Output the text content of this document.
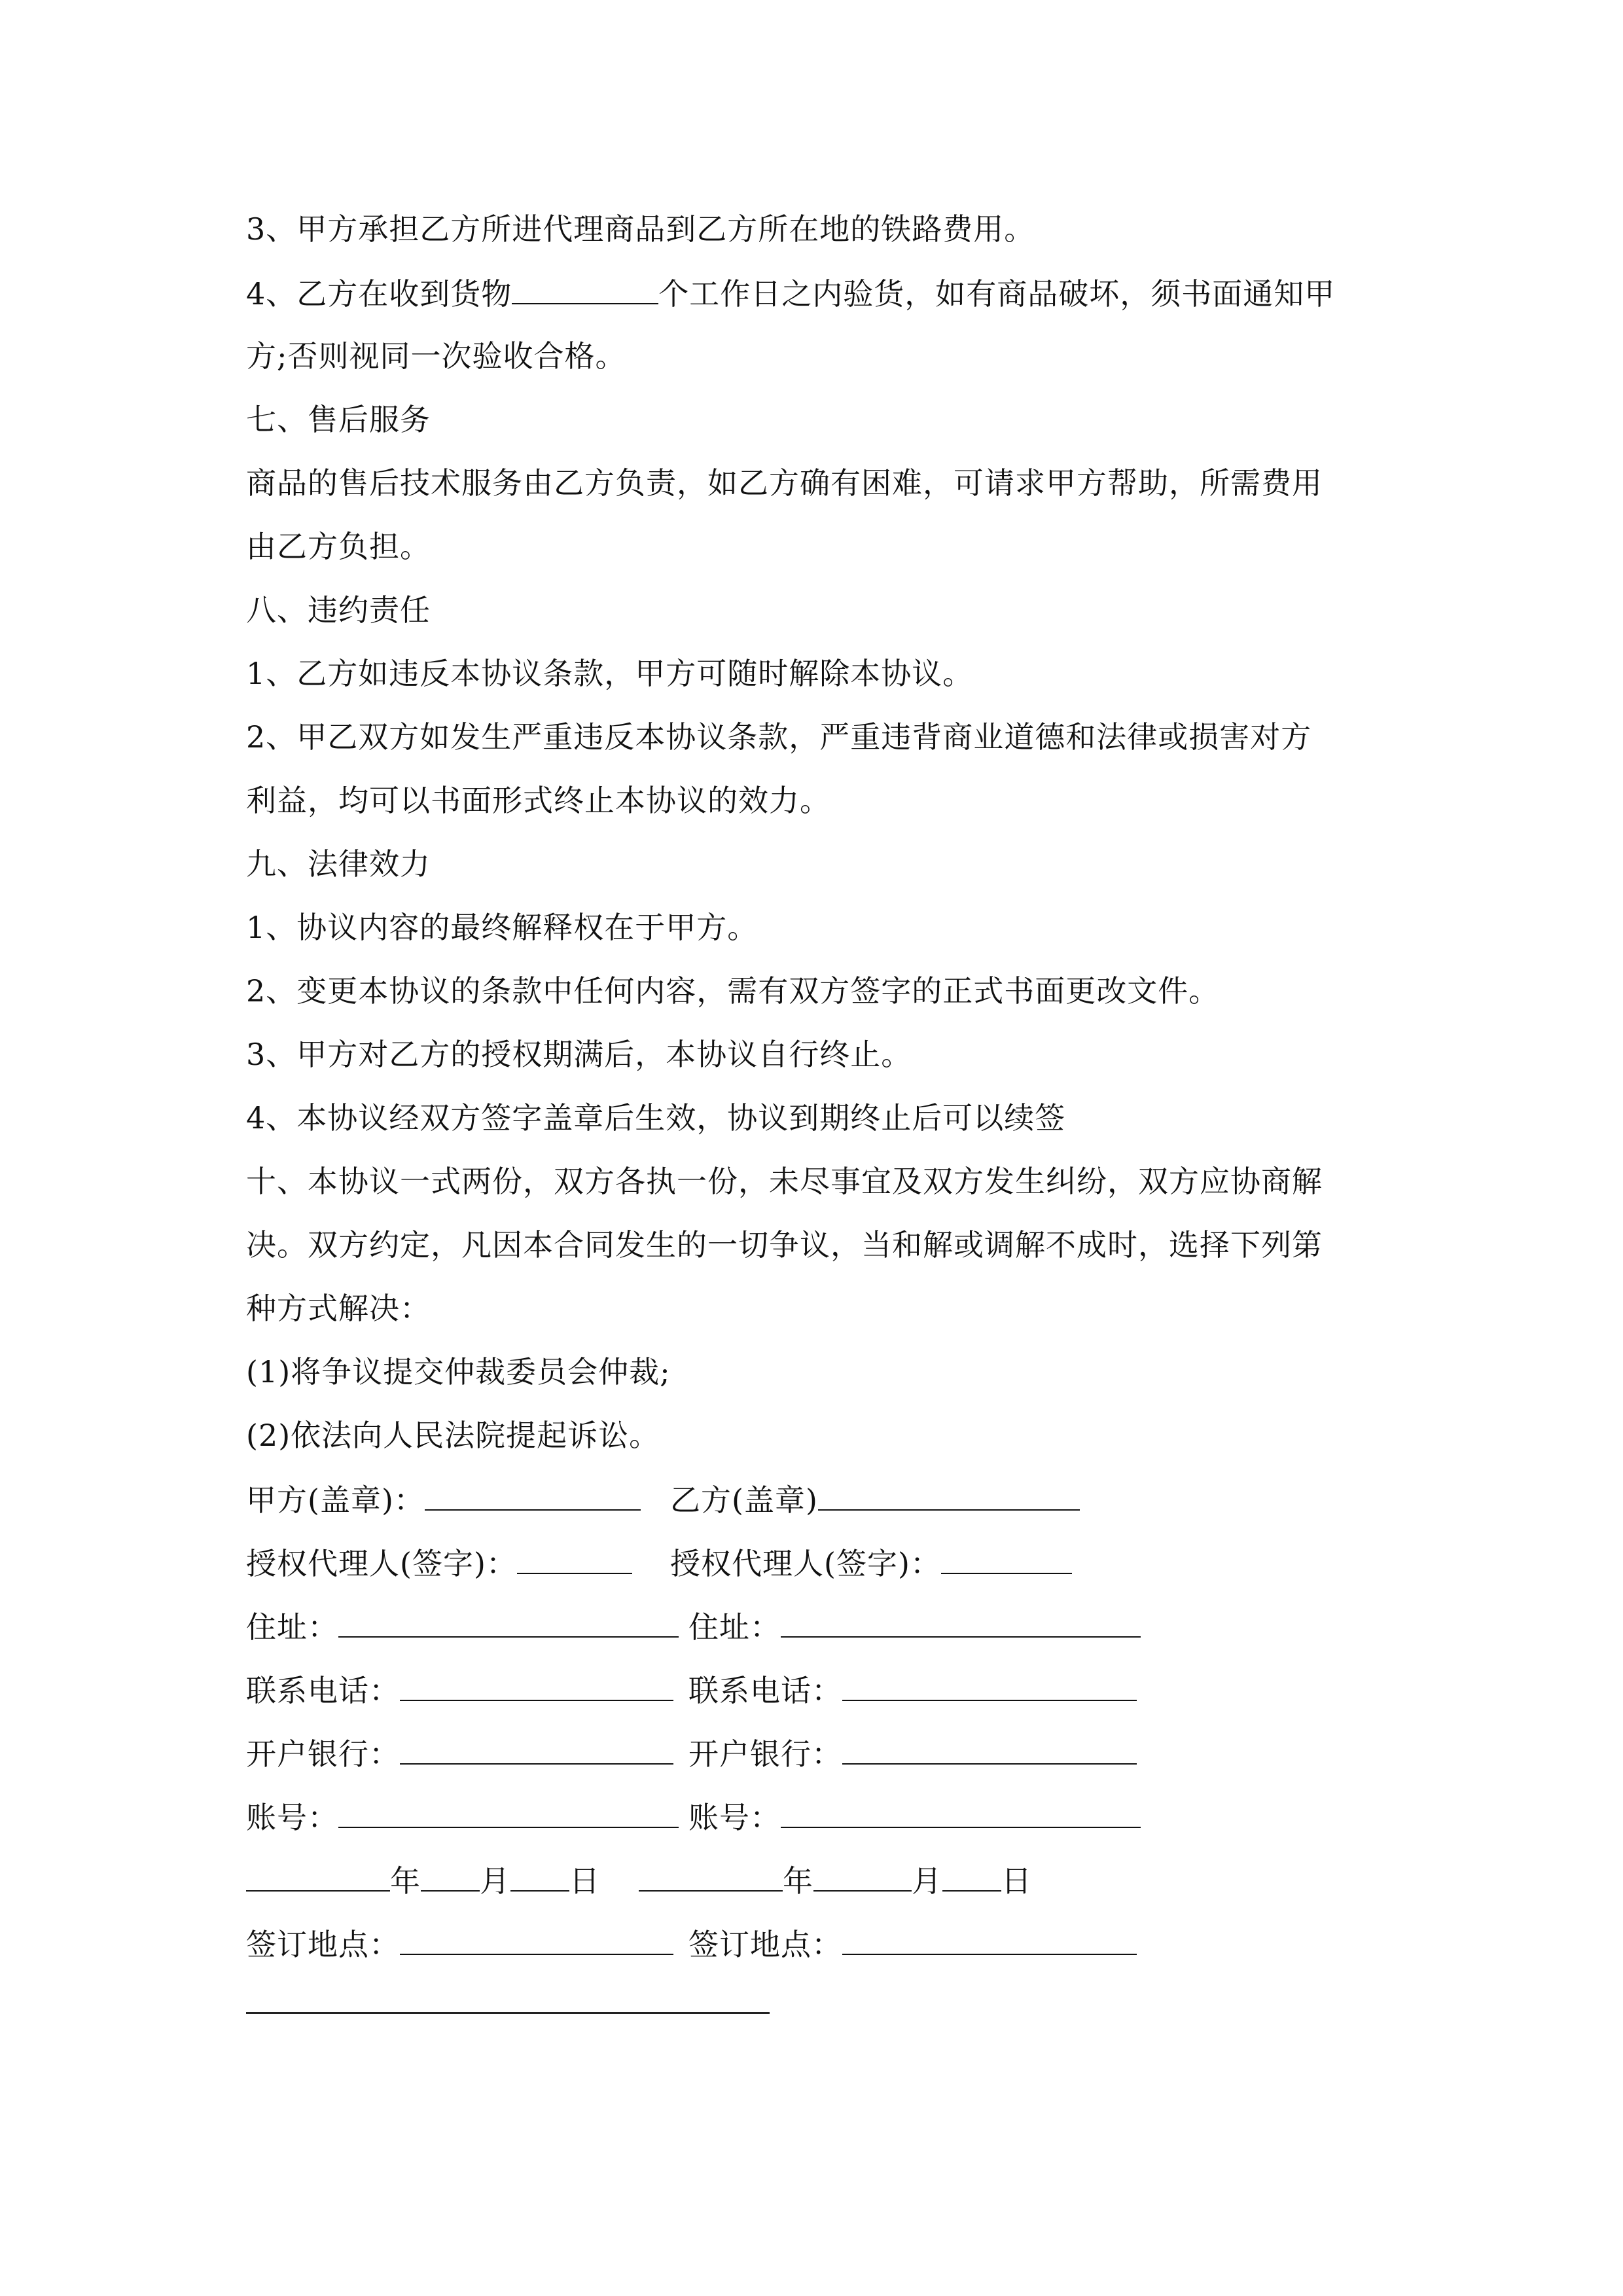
3、甲方承担乙方所进代理商品到乙方所在地的铁路费用。
4、乙方在收到货物	个工作日之内验货，如有商品破坏，须书面通知甲
方;否则视同一次验收合格。
七、售后服务
商品的售后技术服务由乙方负责，如乙方确有困难，可请求甲方帮助，所需费用
由乙方负担。
八、违约责任
1、乙方如违反本协议条款，甲方可随时解除本协议。
2、甲乙双方如发生严重违反本协议条款，严重违背商业道德和法律或损害对方
利益，均可以书面形式终止本协议的效力。
九、法律效力
1、协议内容的最终解释权在于甲方。
2、变更本协议的条款中任何内容，需有双方签字的正式书面更改文件。
3、甲方对乙方的授权期满后，本协议自行终止。
4、本协议经双方签字盖章后生效，协议到期终止后可以续签
十、本协议一式两份，双方各执一份，未尽事宜及双方发生纠纷，双方应协商解
决。双方约定，凡因本合同发生的一切争议，当和解或调解不成时，选择下列第
种方式解决：
(1)将争议提交仲裁委员会仲裁;
(2)依法向人民法院提起诉讼。
甲方(盖章)：	乙方(盖章)
授权代理人(签字)：	授权代理人(签字)：
住址：	住址：
联系电话：	联系电话：
开户银行：	开户银行：
账号：	账号：
年 月 日	年	月 日
签订地点：	签订地点：
